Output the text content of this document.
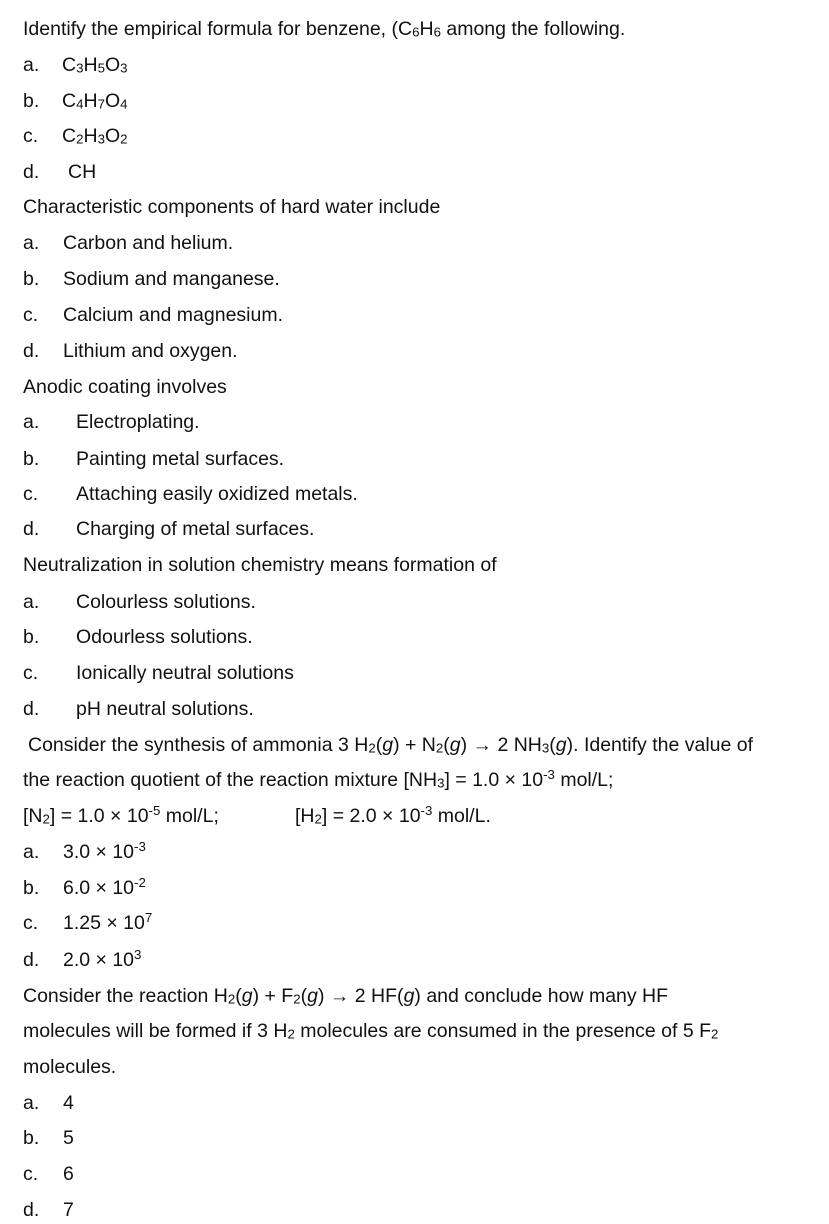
Identify the empirical formula for benzene, ($C_6H_6$ among the following.
a. $C_3H_5O_3$
b. $C_4H_7O_4$
c. $C_2H_3O_2$
d. CH
Characteristic components of hard water include
a. Carbon and helium.
b. Sodium and manganese.
c. Calcium and magnesium.
d. Lithium and oxygen.
Anodic coating involves
a. Electroplating.
b. Painting metal surfaces.
c. Attaching easily oxidized metals.
d. Charging of metal surfaces.
Neutralization in solution chemistry means formation of
a. Colourless solutions.
b. Odourless solutions.
c. Ionically neutral solutions
d. pH neutral solutions.
Consider the synthesis of ammonia 3 $H_2(g) + N_2(g) \to 2$ $NH_3(g)$. Identify the value of
the reaction quotient of the reaction mixture $[NH_3] = 1.0 \times 10^{-3}$ mol/L;
$[N_2] = 1.0 \times 10^{-5}$ mol/L;	$[H_2] = 2.0 \times 10^{-3}$ mol/L.
a. $3.0 \times 10^{-3}$
b. $6.0 \times 10^{-2}$
c. $1.25 \times 10^7$
d. $2.0 \times 10^3$
Consider the reaction $H_2(g) + F_2(g) \to 2$ HF(g) and conclude how many HF
molecules will be formed if 3 $H_2$ molecules are consumed in the presence of 5 $F_2$
molecules.
a. 4
b. 5
c. 6
d. 7
